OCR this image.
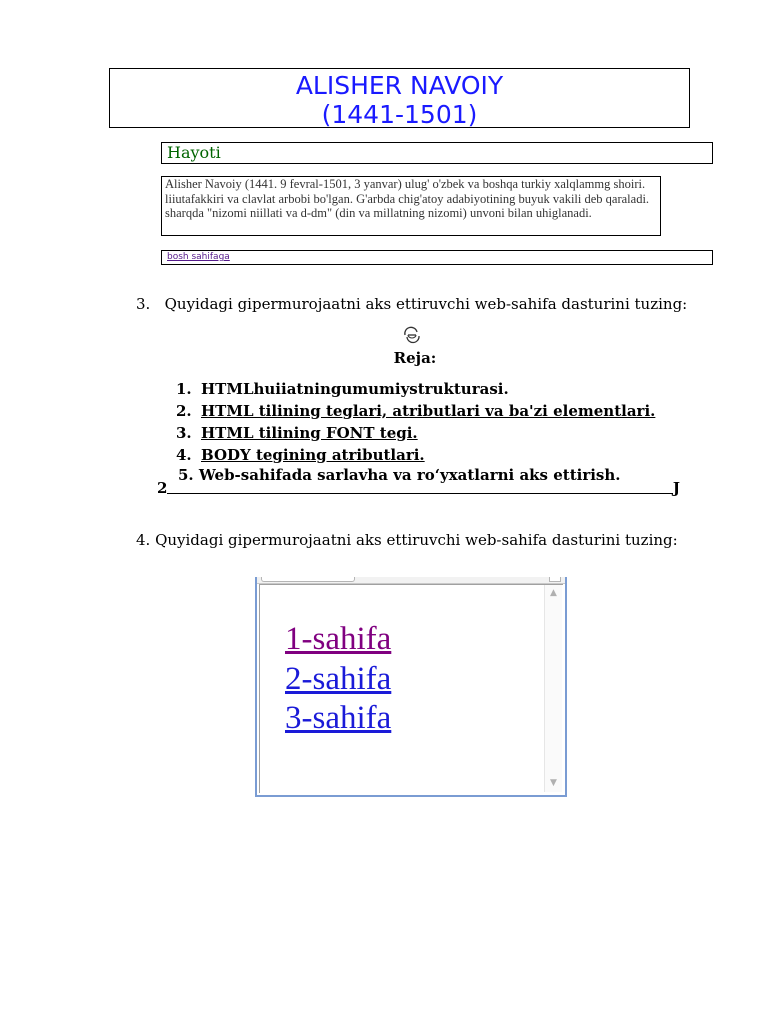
ALISHER NAVOIY
(1441-1501)
Hayoti
Alisher Navoiy (1441. 9 fevral-1501, 3 yanvar) ulug' o'zbek va boshqa turkiy xalqlammg shoiri. liiutafakkiri va clavlat arbobi bo'lgan. G'arbda chig'atoy adabiyotining buyuk vakili deb qaraladi. sharqda "nizomi niillati va d-dm" (din va millatning nizomi) unvoni bilan uhiglanadi.
bosh sahifaga
3. Quyidagi gipermurojaatni aks ettiruvchi web-sahifa dasturini tuzing:
Reja:
1. HTMLhuiiatningumumiystrukturasi.
2. HTML tilining teglari, atributlari va ba'zi elementlari.
3. HTML tilining FONT tegi.
4. BODY tegining atributlari.
5. Web-sahifada sarlavha va ro‘yxatlarni aks ettirish.
2	J
4. Quyidagi gipermurojaatni aks ettiruvchi web-sahifa dasturini tuzing:
▲
▼
1-sahifa
2-sahifa
3-sahifa
